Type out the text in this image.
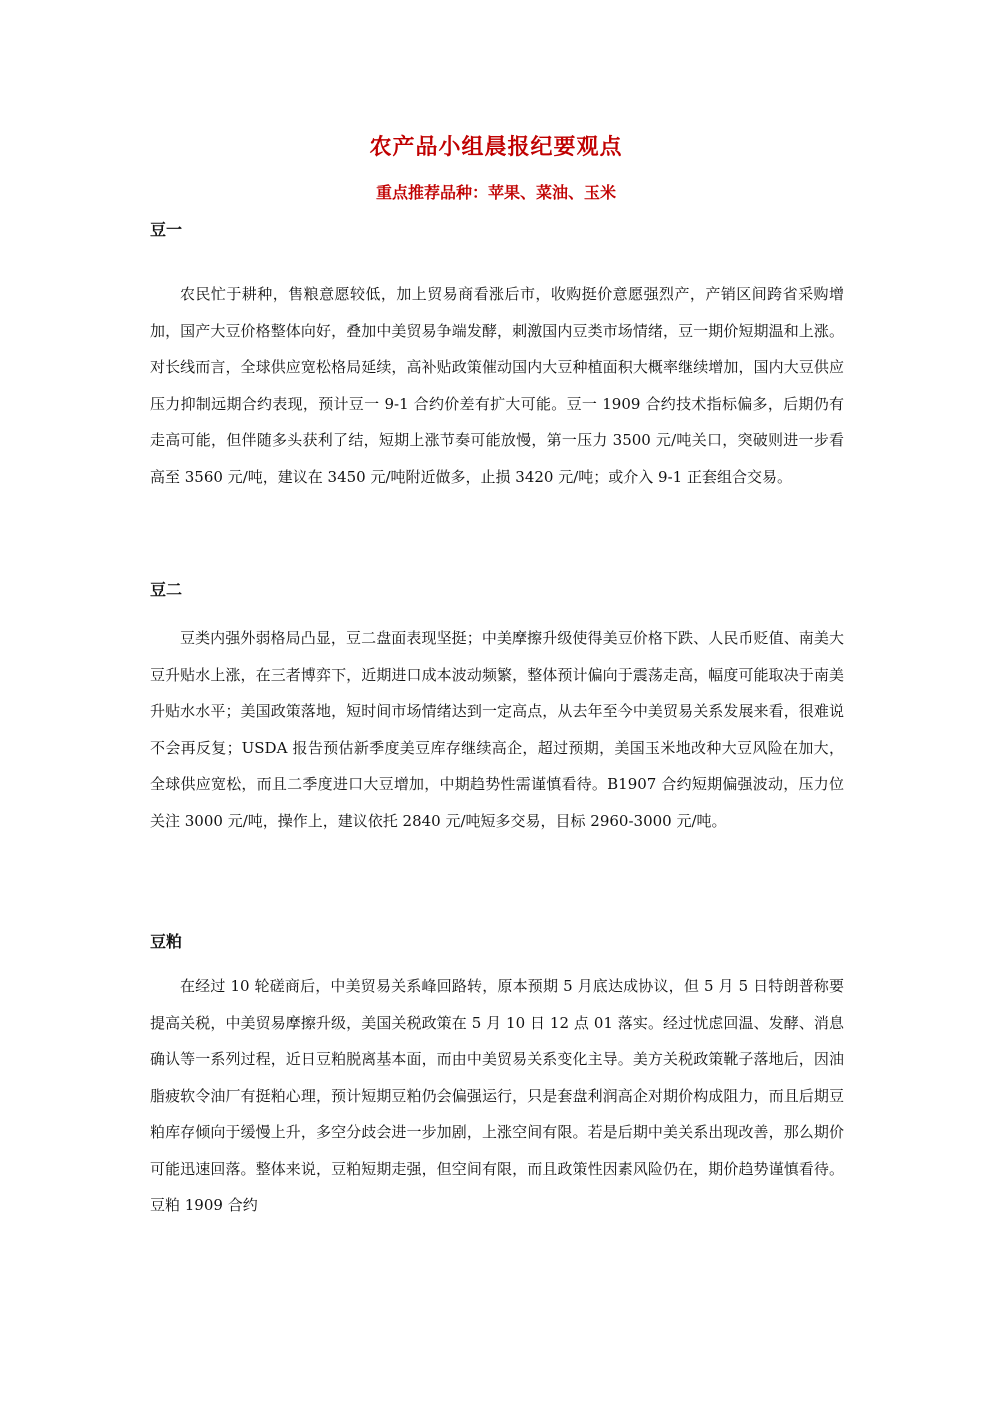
农产品小组晨报纪要观点
重点推荐品种：苹果、菜油、玉米
豆一

农民忙于耕种，售粮意愿较低，加上贸易商看涨后市，收购挺价意愿强烈产，产销区间跨省采购增加，国产大豆价格整体向好，叠加中美贸易争端发酵，刺激国内豆类市场情绪，豆一期价短期温和上涨。对长线而言，全球供应宽松格局延续，高补贴政策催动国内大豆种植面积大概率继续增加，国内大豆供应压力抑制远期合约表现，预计豆一 9-1 合约价差有扩大可能。豆一 1909 合约技术指标偏多，后期仍有走高可能，但伴随多头获利了结，短期上涨节奏可能放慢，第一压力 3500 元/吨关口，突破则进一步看高至 3560 元/吨，建议在 3450 元/吨附近做多，止损 3420 元/吨；或介入 9-1 正套组合交易。

豆二

豆类内强外弱格局凸显，豆二盘面表现坚挺；中美摩擦升级使得美豆价格下跌、人民币贬值、南美大豆升贴水上涨，在三者博弈下，近期进口成本波动频繁，整体预计偏向于震荡走高，幅度可能取决于南美升贴水水平；美国政策落地，短时间市场情绪达到一定高点，从去年至今中美贸易关系发展来看，很难说不会再反复；USDA 报告预估新季度美豆库存继续高企，超过预期，美国玉米地改种大豆风险在加大，全球供应宽松，而且二季度进口大豆增加，中期趋势性需谨慎看待。B1907 合约短期偏强波动，压力位关注 3000 元/吨，操作上，建议依托 2840 元/吨短多交易，目标 2960-3000 元/吨。

豆粕

在经过 10 轮磋商后，中美贸易关系峰回路转，原本预期 5 月底达成协议，但 5 月 5 日特朗普称要提高关税，中美贸易摩擦升级，美国关税政策在 5 月 10 日 12 点 01 落实。经过忧虑回温、发酵、消息确认等一系列过程，近日豆粕脱离基本面，而由中美贸易关系变化主导。美方关税政策靴子落地后，因油脂疲软令油厂有挺粕心理，预计短期豆粕仍会偏强运行，只是套盘利润高企对期价构成阻力，而且后期豆粕库存倾向于缓慢上升，多空分歧会进一步加剧，上涨空间有限。若是后期中美关系出现改善，那么期价可能迅速回落。整体来说，豆粕短期走强，但空间有限，而且政策性因素风险仍在，期价趋势谨慎看待。豆粕 1909 合约
